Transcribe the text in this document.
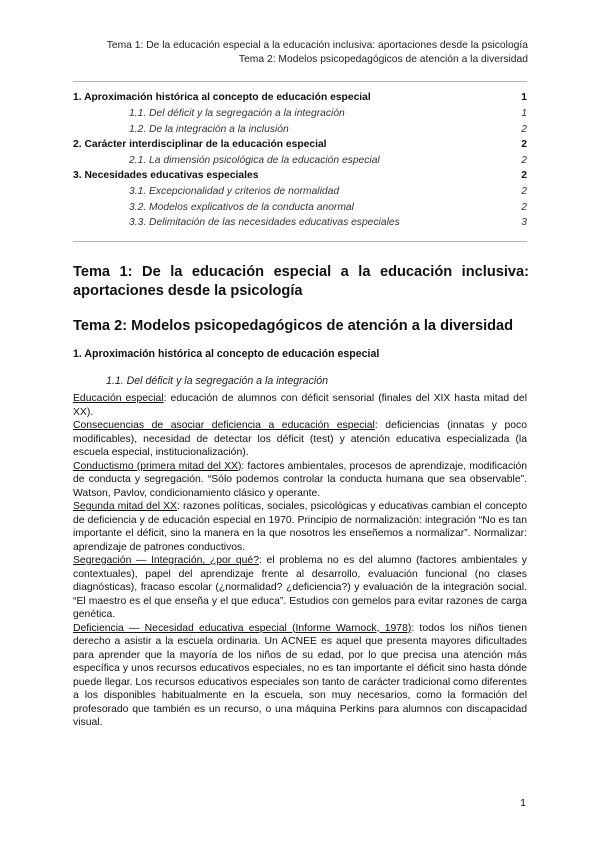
Tema 1: De la educación especial a la educación inclusiva: aportaciones desde la psicología
Tema 2: Modelos psicopedagógicos de atención a la diversidad
1. Aproximación histórica al concepto de educación especial	1
1.1. Del déficit y la segregación a la integración	1
1.2. De la integración a la inclusión	2
2. Carácter interdisciplinar de la educación especial	2
2.1. La dimensión psicológica de la educación especial	2
3. Necesidades educativas especiales	2
3.1. Excepcionalidad y criterios de normalidad	2
3.2. Modelos explicativos de la conducta anormal	2
3.3. Delimitación de las necesidades educativas especiales	3
Tema 1: De la educación especial a la educación inclusiva:
aportaciones desde la psicología
Tema 2: Modelos psicopedagógicos de atención a la diversidad
1. Aproximación histórica al concepto de educación especial
1.1. Del déficit y la segregación a la integración

Educación especial: educación de alumnos con déficit sensorial (finales del XIX hasta mitad del XX).

Consecuencias de asociar deficiencia a educación especial: deficiencias (innatas y poco modificables), necesidad de detectar los déficit (test) y atención educativa especializada (la escuela especial, institucionalización).

Conductismo (primera mitad del XX): factores ambientales, procesos de aprendizaje, modificación de conducta y segregación. “Sólo podemos controlar la conducta humana que sea observable”. Watson, Pavlov, condicionamiento clásico y operante.

Segunda mitad del XX: razones políticas, sociales, psicológicas y educativas cambian el concepto de deficiencia y de educación especial en 1970. Principio de normalización: integración “No es tan importante el déficit, sino la manera en la que nosotros les enseñemos a normalizar”. Normalizar: aprendizaje de patrones conductivos.

Segregación — Integración, ¿por qué?: el problema no es del alumno (factores ambientales y contextuales), papel del aprendizaje frente al desarrollo, evaluación funcional (no clases diagnósticas), fracaso escolar (¿normalidad? ¿deficiencia?) y evaluación de la integración social. “El maestro es el que enseña y el que educa”. Estudios con gemelos para evitar razones de carga genética.

Deficiencia — Necesidad educativa especial (Informe Warnock, 1978): todos los niños tienen derecho a asistir a la escuela ordinaria. Un ACNEE es aquel que presenta mayores dificultades para aprender que la mayoría de los niños de su edad, por lo que precisa una atención más específica y unos recursos educativos especiales, no es tan importante el déficit sino hasta dónde puede llegar. Los recursos educativos especiales son tanto de carácter tradicional como diferentes a los disponibles habitualmente en la escuela, son muy necesarios, como la formación del profesorado que también es un recurso, o una máquina Perkins para alumnos con discapacidad visual.

1
